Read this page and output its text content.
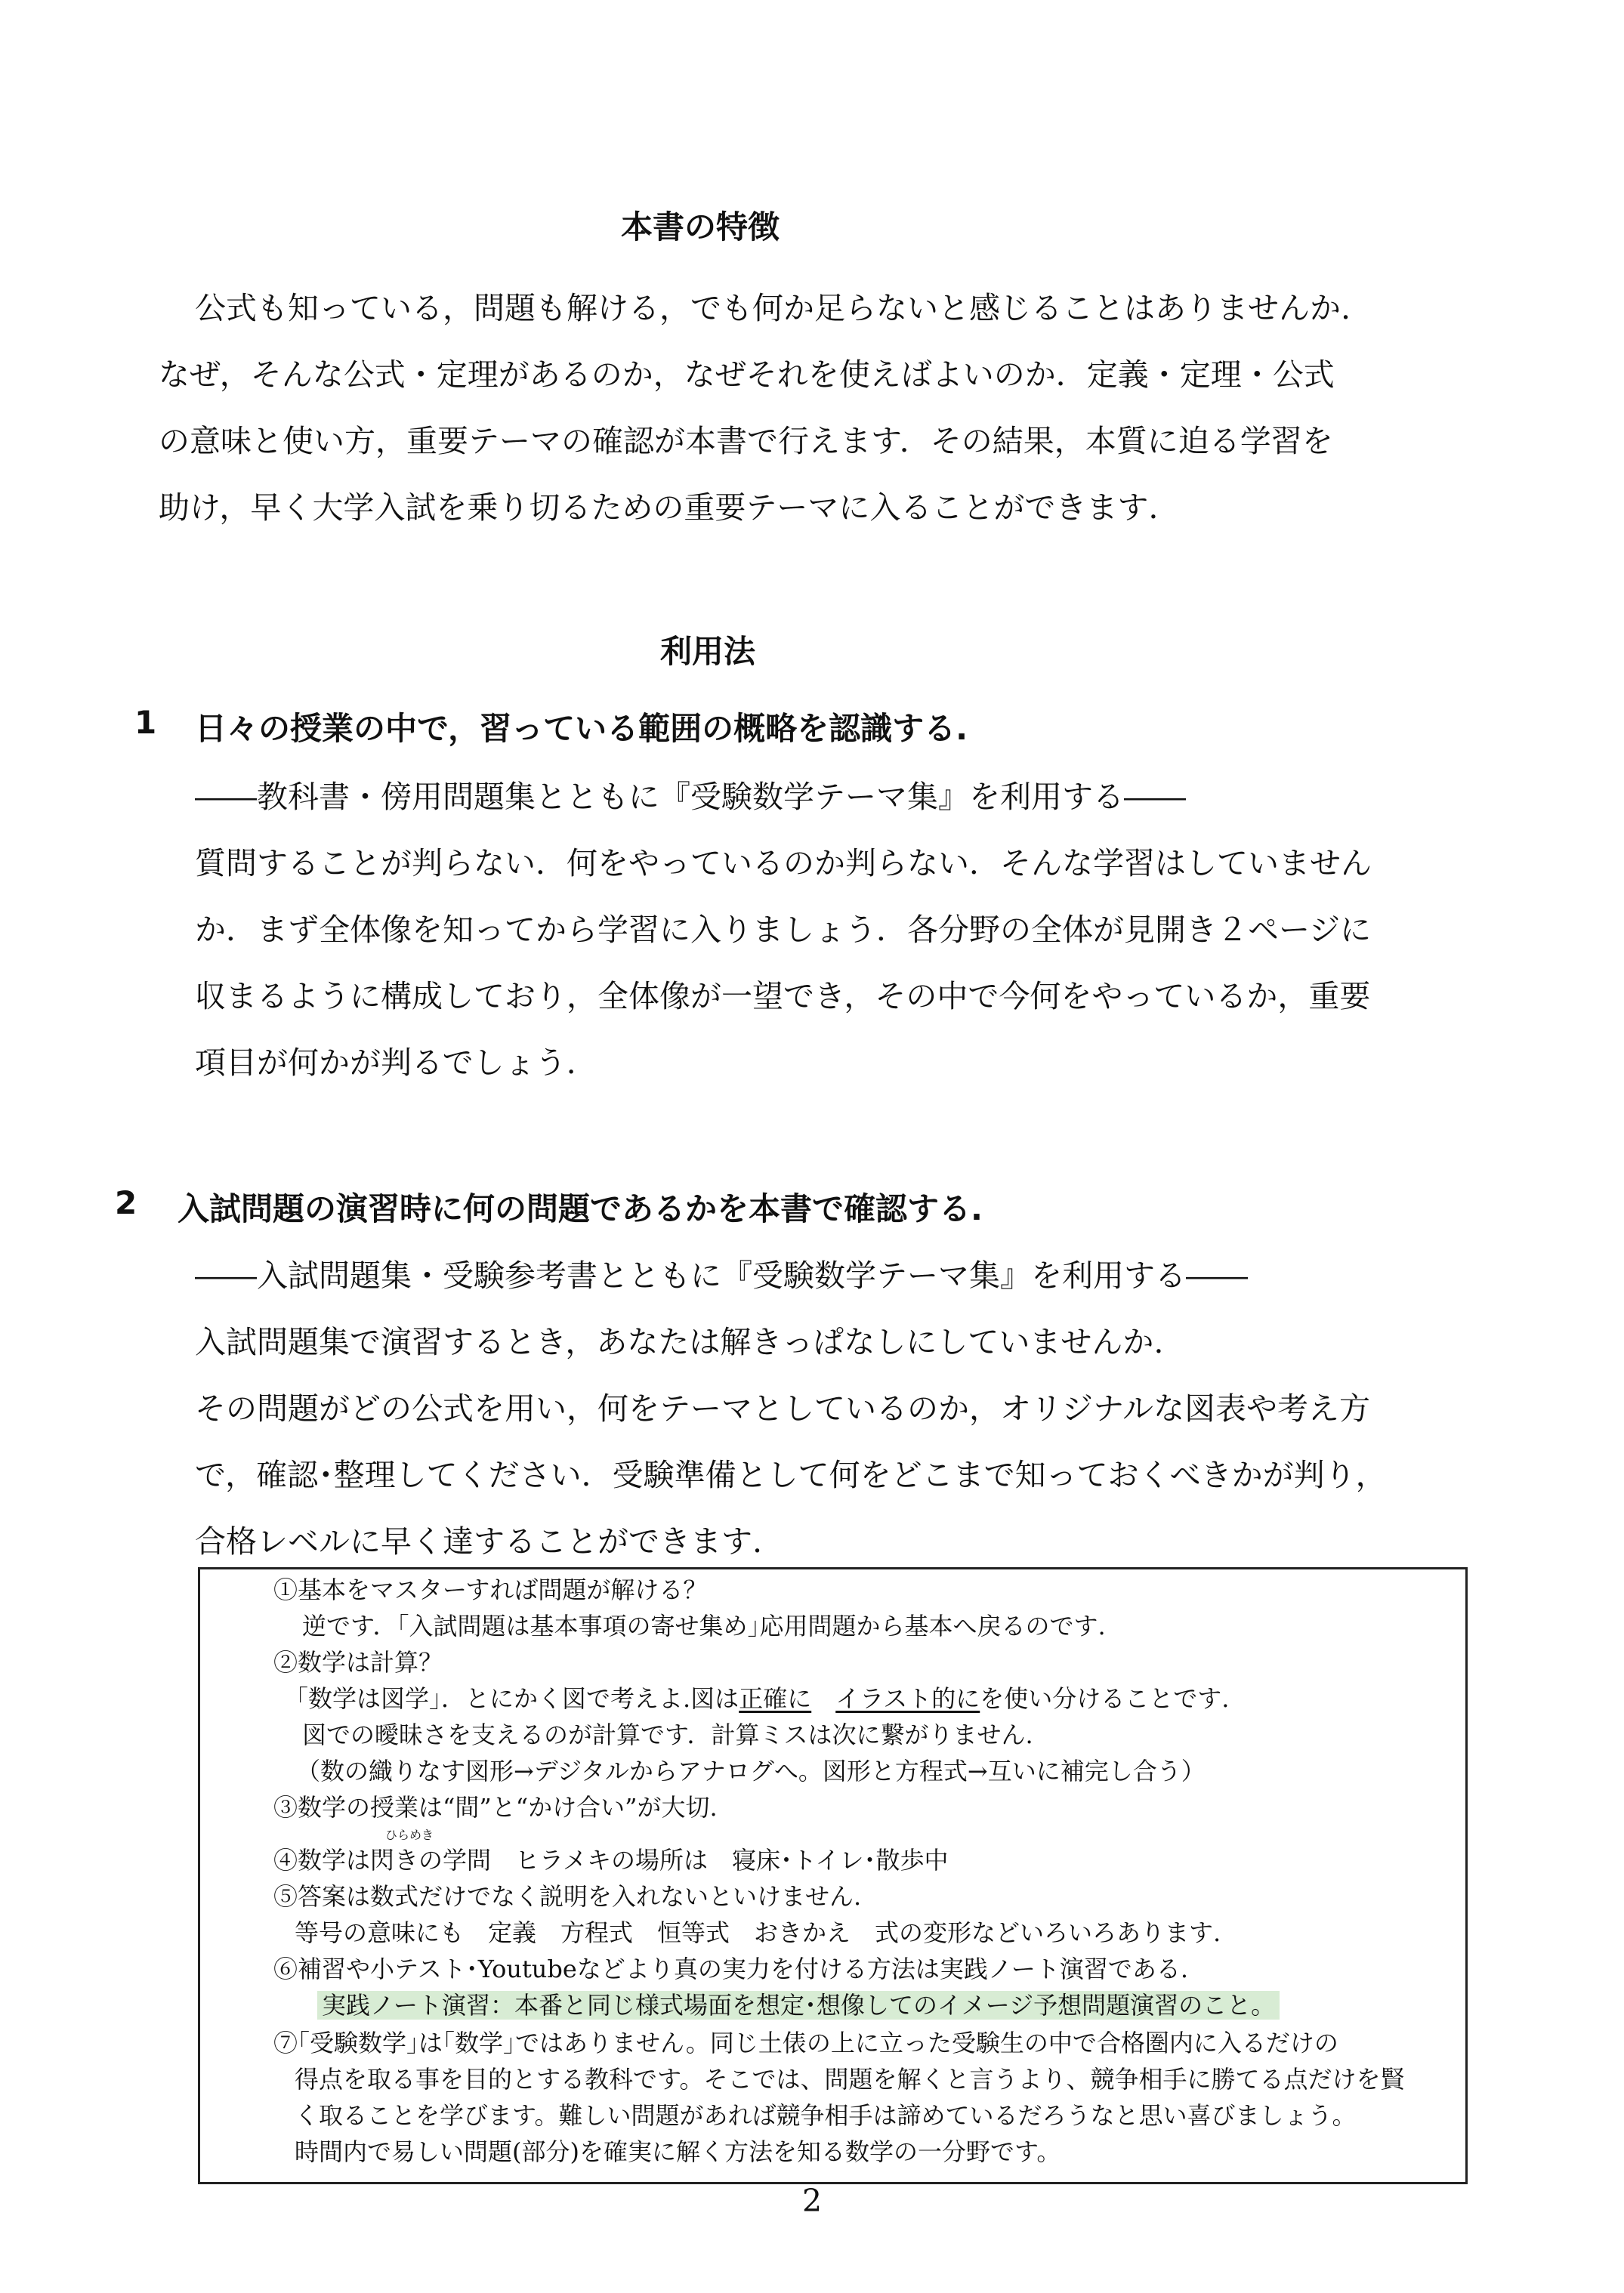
本書の特徴
公式も知っている，問題も解ける，でも何か足らないと感じることはありませんか.
なぜ，そんな公式・定理があるのか，なぜそれを使えばよいのか．定義・定理・公式
の意味と使い方，重要テーマの確認が本書で行えます．その結果，本質に迫る学習を
助け，早く大学入試を乗り切るための重要テーマに入ることができます.
利用法
1 日々の授業の中で，習っている範囲の概略を認識する.
――教科書・傍用問題集とともに『受験数学テーマ集』を利用する――
質問することが判らない．何をやっているのか判らない．そんな学習はしていません
か．まず全体像を知ってから学習に入りましょう．各分野の全体が見開き２ページに
収まるように構成しており，全体像が一望でき，その中で今何をやっているか，重要
項目が何かが判るでしょう.
2 入試問題の演習時に何の問題であるかを本書で確認する.
――入試問題集・受験参考書とともに『受験数学テーマ集』を利用する――
入試問題集で演習するとき，あなたは解きっぱなしにしていませんか.
その問題がどの公式を用い，何をテーマとしているのか，オリジナルな図表や考え方
で，確認･整理してください．受験準備として何をどこまで知っておくべきかが判り，
合格レベルに早く達することができます.
①基本をマスターすれば問題が解ける？
逆です．｢入試問題は基本事項の寄せ集め｣応用問題から基本へ戻るのです.
②数学は計算？
｢数学は図学｣．とにかく図で考えよ.図は正確に　 イラスト的にを使い分けることです.
図での曖昧さを支えるのが計算です．計算ミスは次に繋がりません.
（数の織りなす図形→デジタルからアナログへ。図形と方程式→互いに補完し合う）
③数学の授業は“間”と“かけ合い”が大切.
ひらめき
④数学は閃きの学問　ヒラメキの場所は　寝床･トイレ･散歩中
⑤答案は数式だけでなく説明を入れないといけません.
等号の意味にも　定義　方程式　恒等式　おきかえ　式の変形などいろいろあります.
⑥補習や小テスト･Youtubeなどより真の実力を付ける方法は実践ノート演習である.
実践ノート演習：本番と同じ様式場面を想定･想像してのイメージ予想問題演習のこと。
⑦｢受験数学｣は｢数学｣ではありません。同じ土俵の上に立った受験生の中で合格圏内に入るだけの
得点を取る事を目的とする教科です。そこでは、問題を解くと言うより、競争相手に勝てる点だけを賢
く取ることを学びます。難しい問題があれば競争相手は諦めているだろうなと思い喜びましょう。
時間内で易しい問題(部分)を確実に解く方法を知る数学の一分野です。
2
